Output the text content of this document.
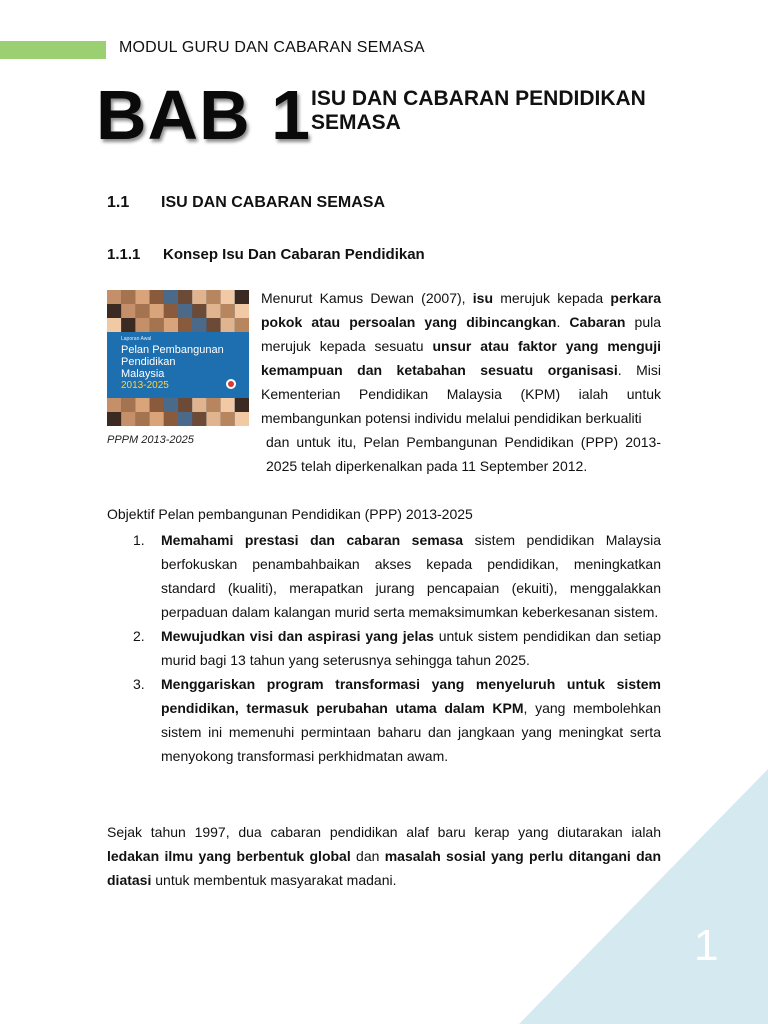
MODUL GURU DAN CABARAN SEMASA
BAB 1 ISU DAN CABARAN PENDIDIKAN
SEMASA
1.1 ISU DAN CABARAN SEMASA
1.1.1 Konsep Isu Dan Cabaran Pendidikan
Laporan Awal
Pelan Pembangunan
Pendidikan
Malaysia
2013-2025
PPPM 2013-2025
Menurut Kamus Dewan (2007), isu merujuk kepada perkara pokok atau persoalan yang dibincangkan. Cabaran pula merujuk kepada sesuatu unsur atau faktor yang menguji kemampuan dan ketabahan sesuatu organisasi. Misi Kementerian Pendidikan Malaysia (KPM) ialah untuk membangunkan potensi individu melalui pendidikan berkualiti
dan untuk itu, Pelan Pembangunan Pendidikan (PPP) 2013-2025 telah diperkenalkan pada 11 September 2012.
Objektif Pelan pembangunan Pendidikan (PPP) 2013-2025
1.	Memahami prestasi dan cabaran semasa sistem pendidikan Malaysia berfokuskan penambahbaikan akses kepada pendidikan, meningkatkan standard (kualiti), merapatkan jurang pencapaian (ekuiti), menggalakkan perpaduan dalam kalangan murid serta memaksimumkan keberkesanan sistem.
2.	Mewujudkan visi dan aspirasi yang jelas untuk sistem pendidikan dan setiap murid bagi 13 tahun yang seterusnya sehingga tahun 2025.
3.	Menggariskan program transformasi yang menyeluruh untuk sistem pendidikan, termasuk perubahan utama dalam KPM, yang membolehkan sistem ini memenuhi permintaan baharu dan jangkaan yang meningkat serta menyokong transformasi perkhidmatan awam.
Sejak tahun 1997, dua cabaran pendidikan alaf baru kerap yang diutarakan ialah ledakan ilmu yang berbentuk global dan masalah sosial yang perlu ditangani dan diatasi untuk membentuk masyarakat madani.
1
